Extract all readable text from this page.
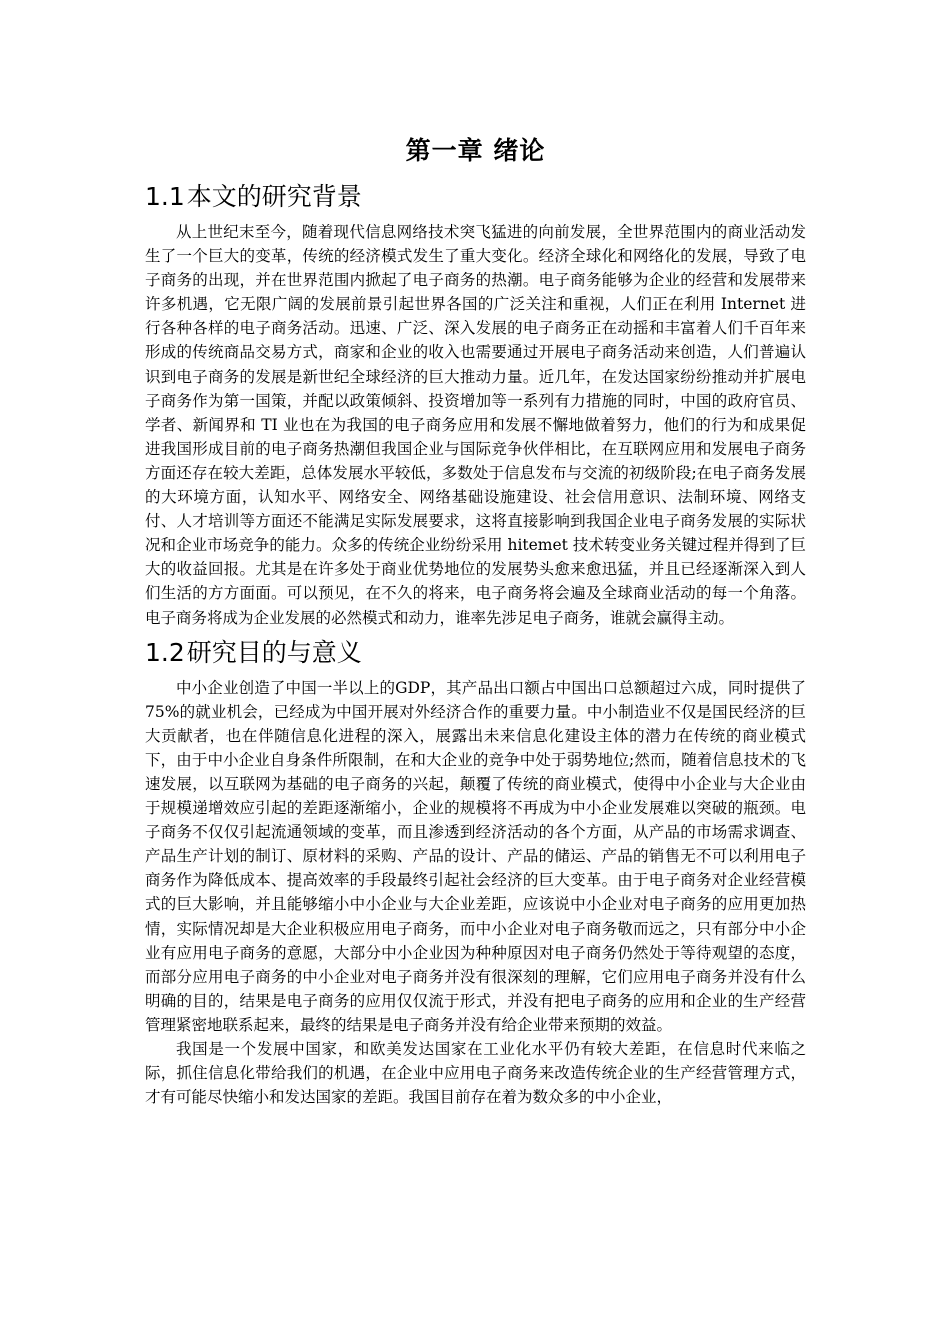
第一章 绪论
1.1本文的研究背景

从上世纪末至今，随着现代信息网络技术突飞猛进的向前发展，全世界范围内的商业活动发生了一个巨大的变革，传统的经济模式发生了重大变化。经济全球化和网络化的发展，导致了电子商务的出现，并在世界范围内掀起了电子商务的热潮。电子商务能够为企业的经营和发展带来许多机遇，它无限广阔的发展前景引起世界各国的广泛关注和重视，人们正在利用 Internet 进行各种各样的电子商务活动。迅速、广泛、深入发展的电子商务正在动摇和丰富着人们千百年来形成的传统商品交易方式，商家和企业的收入也需要通过开展电子商务活动来创造，人们普遍认识到电子商务的发展是新世纪全球经济的巨大推动力量。近几年，在发达国家纷纷推动并扩展电子商务作为第一国策，并配以政策倾斜、投资增加等一系列有力措施的同时，中国的政府官员、学者、新闻界和 TI 业也在为我国的电子商务应用和发展不懈地做着努力，他们的行为和成果促进我国形成目前的电子商务热潮但我国企业与国际竞争伙伴相比，在互联网应用和发展电子商务方面还存在较大差距，总体发展水平较低，多数处于信息发布与交流的初级阶段;在电子商务发展的大环境方面，认知水平、网络安全、网络基础设施建设、社会信用意识、法制环境、网络支付、人才培训等方面还不能满足实际发展要求，这将直接影响到我国企业电子商务发展的实际状况和企业市场竞争的能力。众多的传统企业纷纷采用 hitemet 技术转变业务关键过程并得到了巨大的收益回报。尤其是在许多处于商业优势地位的发展势头愈来愈迅猛，并且已经逐渐深入到人们生活的方方面面。可以预见，在不久的将来，电子商务将会遍及全球商业活动的每一个角落。电子商务将成为企业发展的必然模式和动力，谁率先涉足电子商务，谁就会赢得主动。

1.2研究目的与意义

中小企业创造了中国一半以上的GDP，其产品出口额占中国出口总额超过六成，同时提供了75%的就业机会，已经成为中国开展对外经济合作的重要力量。中小制造业不仅是国民经济的巨大贡献者，也在伴随信息化进程的深入，展露出未来信息化建设主体的潜力在传统的商业模式下，由于中小企业自身条件所限制，在和大企业的竞争中处于弱势地位;然而，随着信息技术的飞速发展，以互联网为基础的电子商务的兴起，颠覆了传统的商业模式，使得中小企业与大企业由于规模递增效应引起的差距逐渐缩小，企业的规模将不再成为中小企业发展难以突破的瓶颈。电子商务不仅仅引起流通领域的变革，而且渗透到经济活动的各个方面，从产品的市场需求调查、产品生产计划的制订、原材料的采购、产品的设计、产品的储运、产品的销售无不可以利用电子商务作为降低成本、提高效率的手段最终引起社会经济的巨大变革。由于电子商务对企业经营模式的巨大影响，并且能够缩小中小企业与大企业差距，应该说中小企业对电子商务的应用更加热情，实际情况却是大企业积极应用电子商务，而中小企业对电子商务敬而远之，只有部分中小企业有应用电子商务的意愿，大部分中小企业因为种种原因对电子商务仍然处于等待观望的态度，而部分应用电子商务的中小企业对电子商务并没有很深刻的理解，它们应用电子商务并没有什么明确的目的，结果是电子商务的应用仅仅流于形式，并没有把电子商务的应用和企业的生产经营管理紧密地联系起来，最终的结果是电子商务并没有给企业带来预期的效益。

我国是一个发展中国家，和欧美发达国家在工业化水平仍有较大差距，在信息时代来临之际，抓住信息化带给我们的机遇，在企业中应用电子商务来改造传统企业的生产经营管理方式，才有可能尽快缩小和发达国家的差距。我国目前存在着为数众多的中小企业，
